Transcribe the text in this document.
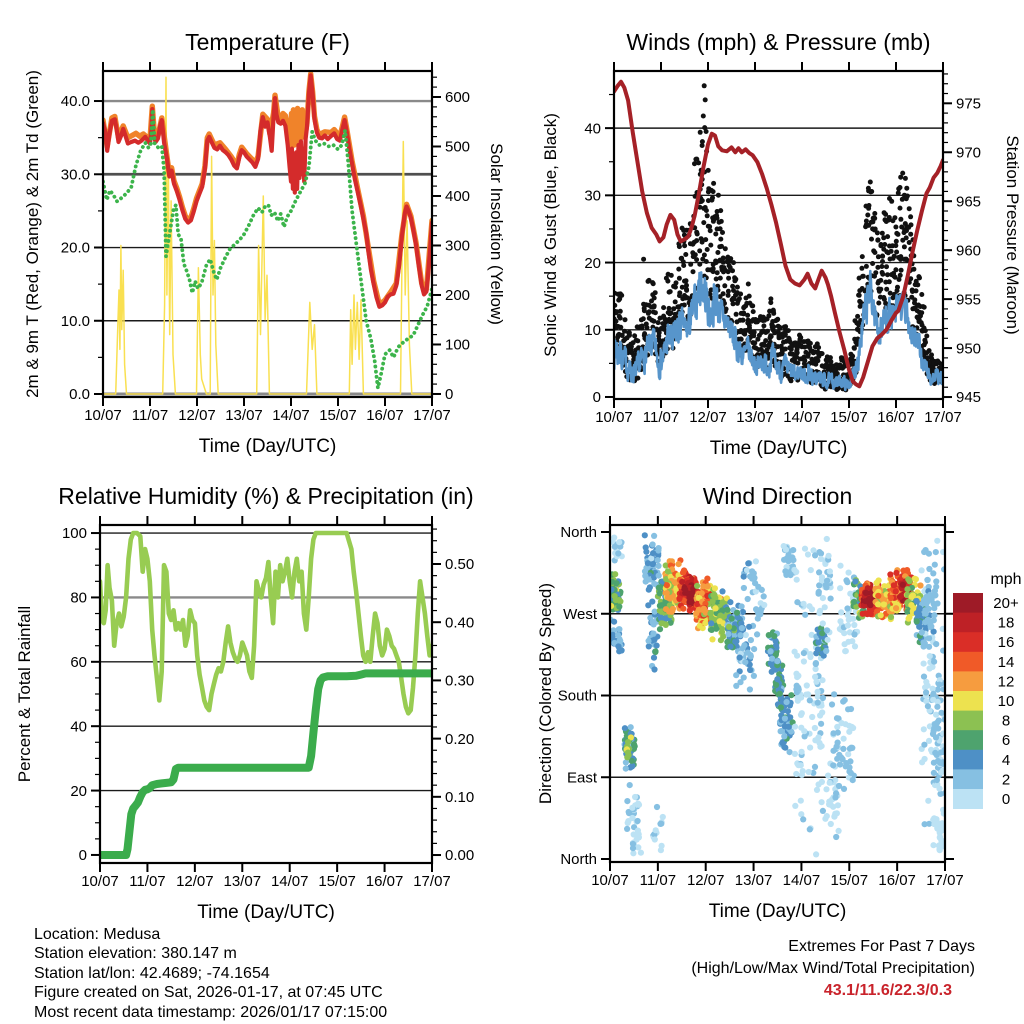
10/07 11/07 12/07 13/07 14/07 15/07 16/07 17/07
0.0
10.0
20.0
30.0
40.0
0
100
200
300
400
500
600
Temperature (F)
Time (Day/UTC)
2m & 9m T (Red, Orange) & 2m Td (Green)	Solar Insolation (Yellow)
10/07 11/07 12/07 13/07 14/07 15/07 16/07 17/07
0
10
20
30
40
945
950
955
960
965
970
975
Winds (mph) & Pressure (mb)
Time (Day/UTC)
Sonic Wind & Gust (Blue, Black)	Station Pressure (Maroon)
10/07 11/07 12/07 13/07 14/07 15/07 16/07 17/07
0
20
40
60
80
100
0.00
0.10
0.20
0.30
0.40
0.50
Relative Humidity (%) & Precipitation (in)
Time (Day/UTC)
Percent & Total Rainfall
10/07 11/07 12/07 13/07 14/07 15/07 16/07 17/07
North
East
South
West
North
Wind Direction
Time (Day/UTC)
Direction (Colored By Speed)
mph
20+
18
16
14
12
10
8
6
4
2
0
Location: Medusa
Station elevation: 380.147 m
Station lat/lon: 42.4689; -74.1654
Figure created on Sat, 2026-01-17, at 07:45 UTC
Most recent data timestamp: 2026/01/17 07:15:00
Extremes For Past 7 Days
(High/Low/Max Wind/Total Precipitation)
43.1/11.6/22.3/0.3
